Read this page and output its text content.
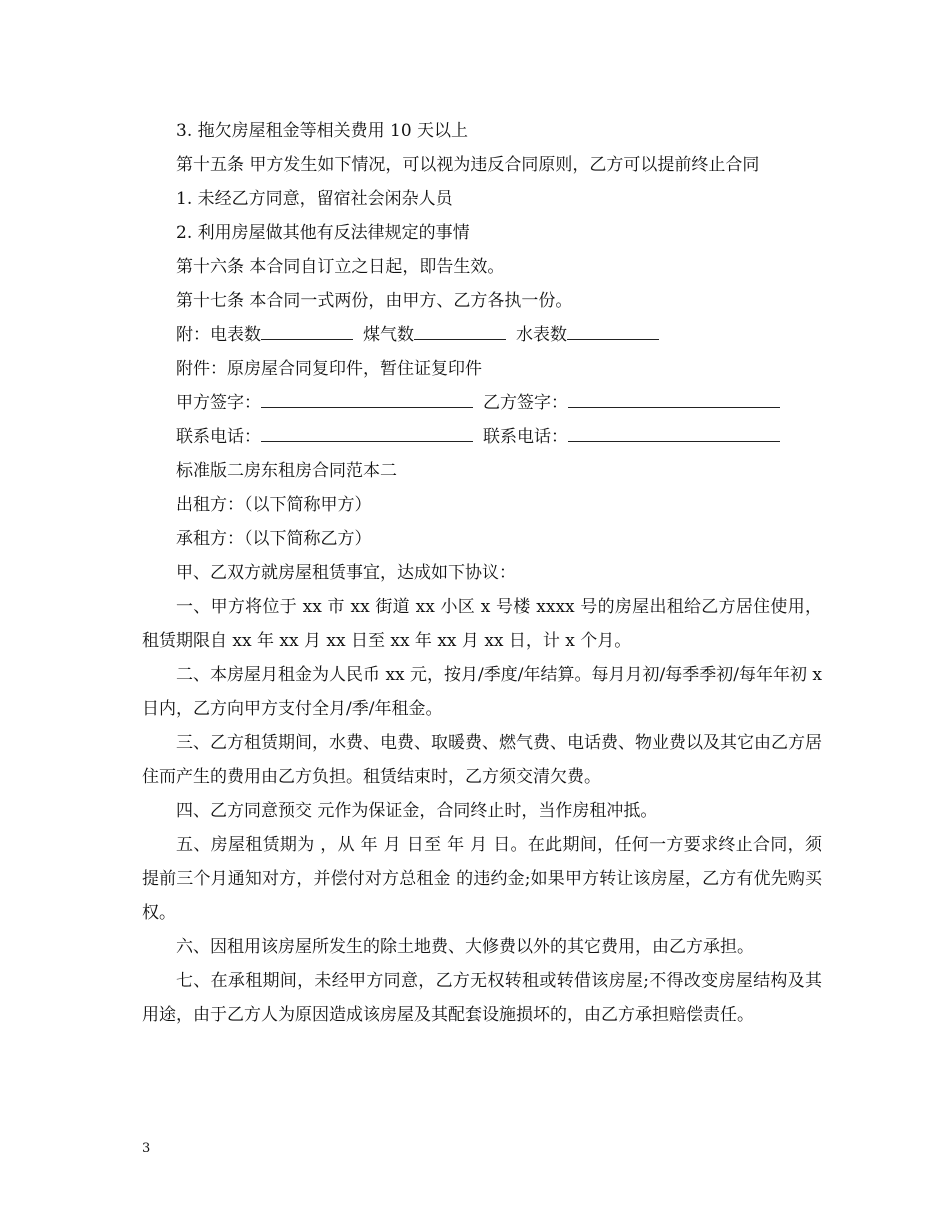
3. 拖欠房屋租金等相关费用 10 天以上

第十五条 甲方发生如下情况，可以视为违反合同原则，乙方可以提前终止合同

1. 未经乙方同意，留宿社会闲杂人员

2. 利用房屋做其他有反法律规定的事情

第十六条 本合同自订立之日起，即告生效。

第十七条 本合同一式两份，由甲方、乙方各执一份。

附：电表数	煤气数	水表数

附件：原房屋合同复印件，暂住证复印件

甲方签字：	乙方签字：

联系电话：	联系电话：

标准版二房东租房合同范本二

出租方：（以下简称甲方）

承租方：（以下简称乙方）

甲、乙双方就房屋租赁事宜，达成如下协议：

一、甲方将位于 xx 市 xx 街道 xx 小区 x 号楼 xxxx 号的房屋出租给乙方居住使用，租赁期限自 xx 年 xx 月 xx 日至 xx 年 xx 月 xx 日，计 x 个月。

二、本房屋月租金为人民币 xx 元，按月/季度/年结算。每月月初/每季季初/每年年初 x 日内，乙方向甲方支付全月/季/年租金。

三、乙方租赁期间，水费、电费、取暖费、燃气费、电话费、物业费以及其它由乙方居住而产生的费用由乙方负担。租赁结束时，乙方须交清欠费。

四、乙方同意预交 元作为保证金，合同终止时，当作房租冲抵。

五、房屋租赁期为 ，从 年 月 日至 年 月 日。在此期间，任何一方要求终止合同，须提前三个月通知对方，并偿付对方总租金 的违约金;如果甲方转让该房屋，乙方有优先购买权。

六、因租用该房屋所发生的除土地费、大修费以外的其它费用，由乙方承担。

七、在承租期间，未经甲方同意，乙方无权转租或转借该房屋;不得改变房屋结构及其用途，由于乙方人为原因造成该房屋及其配套设施损坏的，由乙方承担赔偿责任。

3
